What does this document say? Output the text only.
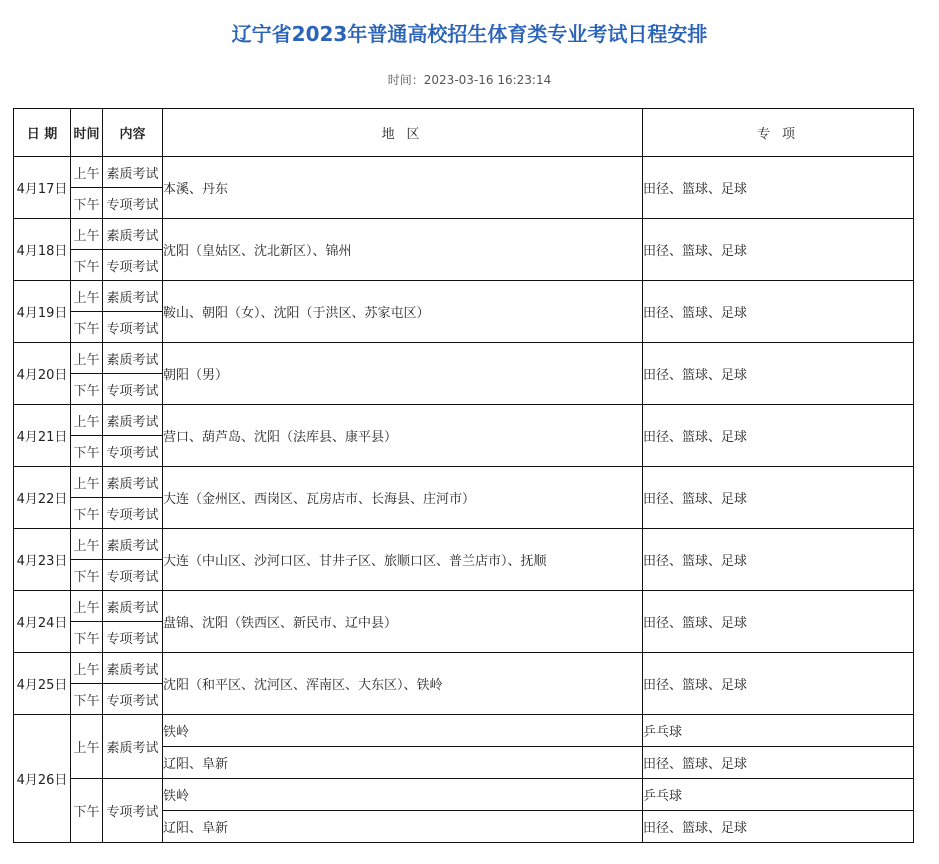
辽宁省2023年普通高校招生体育类专业考试日程安排
时间：2023-03-16 16:23:14
日 期	时间	内容	地 区	专 项
4月17日	上午	素质考试	本溪、丹东	田径、篮球、足球
	下午	专项考试		
4月18日	上午	素质考试	沈阳（皇姑区、沈北新区）、锦州	田径、篮球、足球
	下午	专项考试		
4月19日	上午	素质考试	鞍山、朝阳（女）、沈阳（于洪区、苏家屯区）	田径、篮球、足球
	下午	专项考试		
4月20日	上午	素质考试	朝阳（男）	田径、篮球、足球
	下午	专项考试		
4月21日	上午	素质考试	营口、葫芦岛、沈阳（法库县、康平县）	田径、篮球、足球
	下午	专项考试		
4月22日	上午	素质考试	大连（金州区、西岗区、瓦房店市、长海县、庄河市）	田径、篮球、足球
	下午	专项考试		
4月23日	上午	素质考试	大连（中山区、沙河口区、甘井子区、旅顺口区、普兰店市）、抚顺	田径、篮球、足球
	下午	专项考试		
4月24日	上午	素质考试	盘锦、沈阳（铁西区、新民市、辽中县）	田径、篮球、足球
	下午	专项考试		
4月25日	上午	素质考试	沈阳（和平区、沈河区、浑南区、大东区）、铁岭	田径、篮球、足球
	下午	专项考试		
4月26日	上午	素质考试	铁岭	乒乓球
			辽阳、阜新	田径、篮球、足球
	下午	专项考试	铁岭	乒乓球
			辽阳、阜新	田径、篮球、足球
